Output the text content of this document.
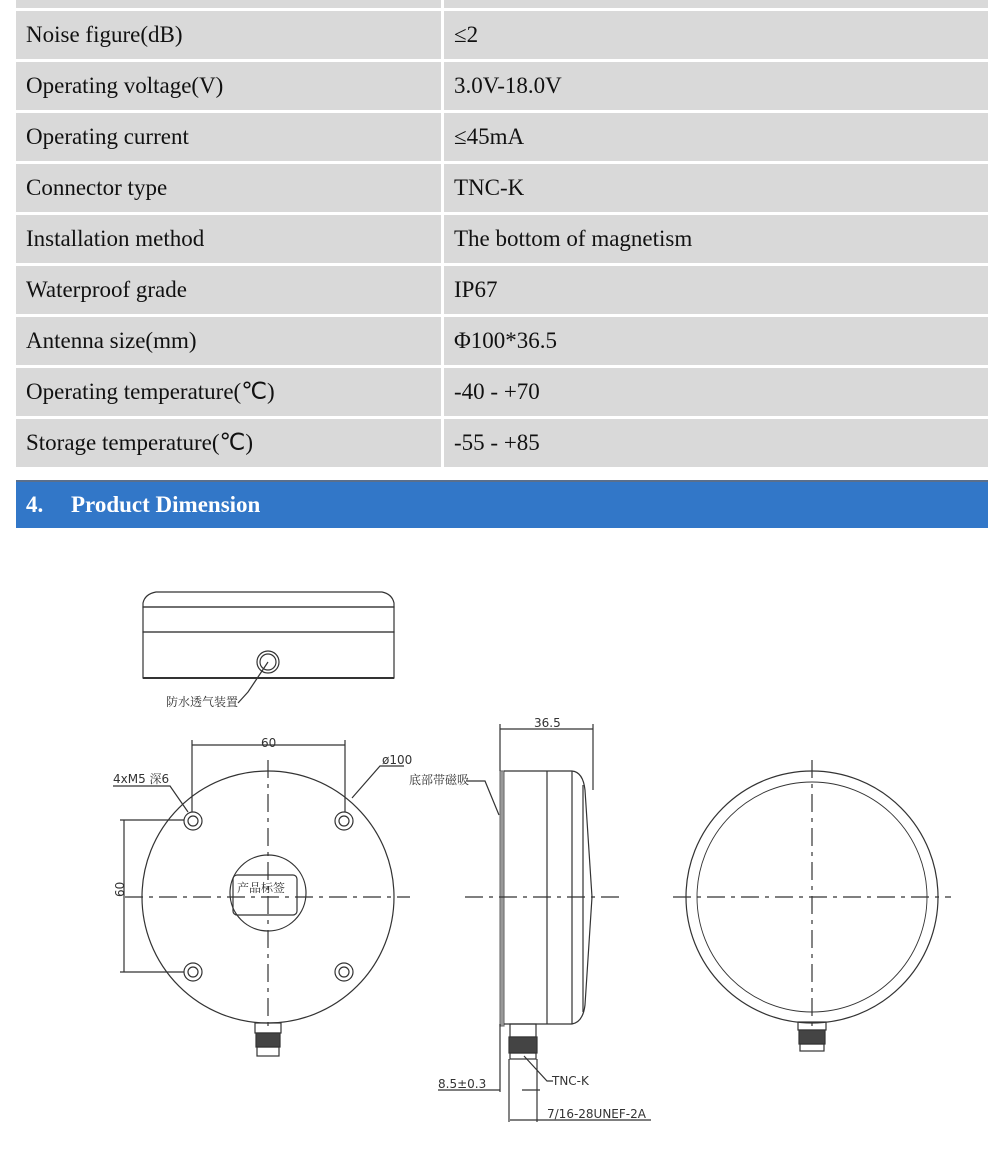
Noise figure(dB)	≤2
Operating voltage(V)	3.0V-18.0V
Operating current	≤45mA
Connector type	TNC-K
Installation method	The bottom of magnetism
Waterproof grade	IP67
Antenna size(mm)	Φ100*36.5
Operating temperature(℃)	-40 - +70
Storage temperature(℃)	-55 - +85
4.	Product Dimension
防水透气装置
60
60
4xM5 深6
ø100
产品标签
36.5
底部带磁吸
TNC-K
8.5±0.3
7/16-28UNEF-2A
